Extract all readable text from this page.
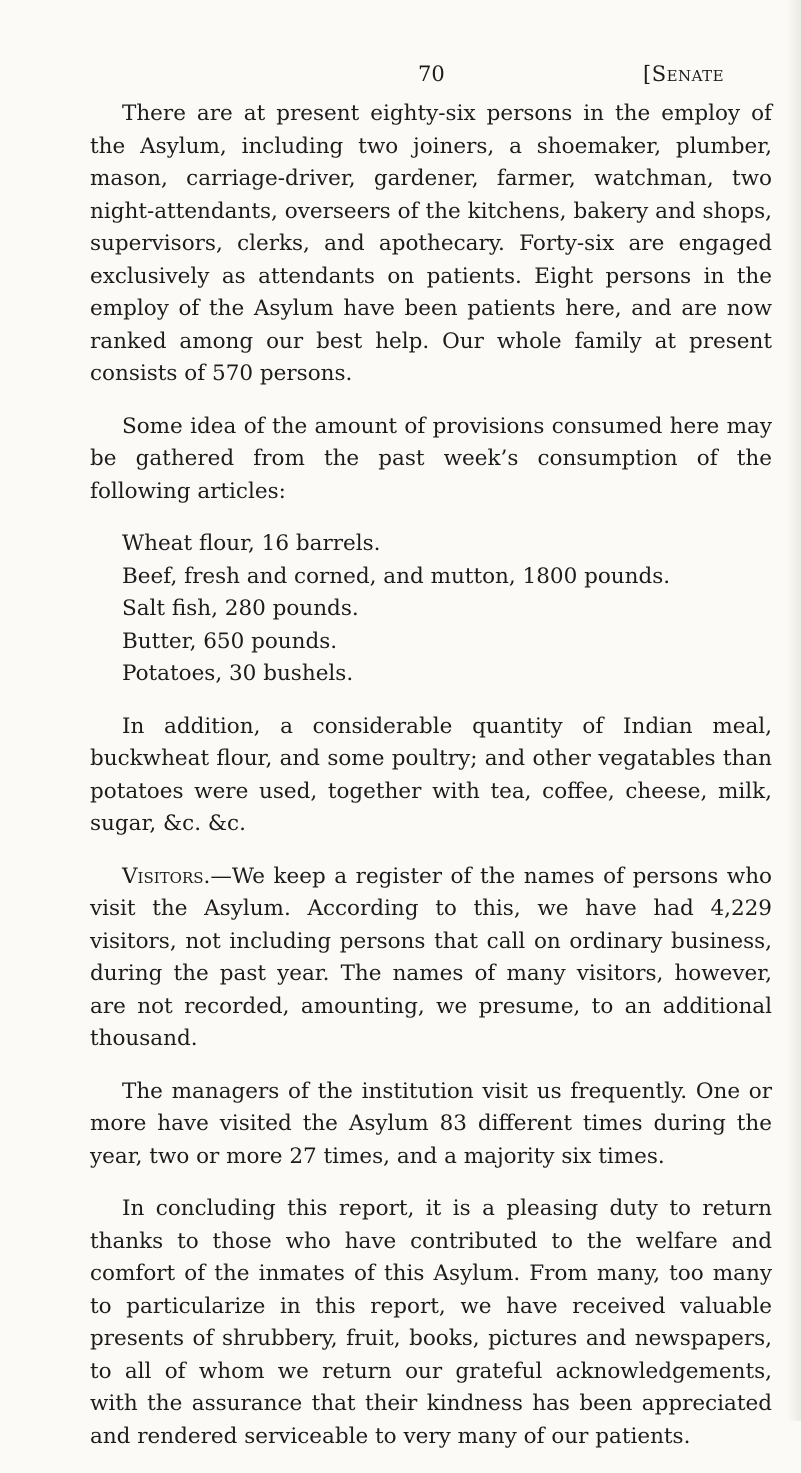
70	[Senate

There are at present eighty-six persons in the employ of the Asylum, including two joiners, a shoemaker, plumber, mason, carriage-driver, gardener, farmer, watchman, two night-attendants, overseers of the kitchens, bakery and shops, supervisors, clerks, and apothecary. Forty-six are engaged exclusively as attendants on patients. Eight persons in the employ of the Asylum have been patients here, and are now ranked among our best help. Our whole family at present consists of 570 persons.

Some idea of the amount of provisions consumed here may be gathered from the past week’s consumption of the following articles:

Wheat flour, 16 barrels.
Beef, fresh and corned, and mutton, 1800 pounds.
Salt fish, 280 pounds.
Butter, 650 pounds.
Potatoes, 30 bushels.

In addition, a considerable quantity of Indian meal, buckwheat flour, and some poultry; and other vegatables than potatoes were used, together with tea, coffee, cheese, milk, sugar, &c. &c.

Visitors.—We keep a register of the names of persons who visit the Asylum. According to this, we have had 4,229 visitors, not including persons that call on ordinary business, during the past year. The names of many visitors, however, are not recorded, amounting, we presume, to an additional thousand.

The managers of the institution visit us frequently. One or more have visited the Asylum 83 different times during the year, two or more 27 times, and a majority six times.

In concluding this report, it is a pleasing duty to return thanks to those who have contributed to the welfare and comfort of the inmates of this Asylum. From many, too many to particularize in this report, we have received valuable presents of shrubbery, fruit, books, pictures and newspapers, to all of whom we return our grateful acknowledgements, with the assurance that their kindness has been appreciated and rendered serviceable to very many of our patients.
